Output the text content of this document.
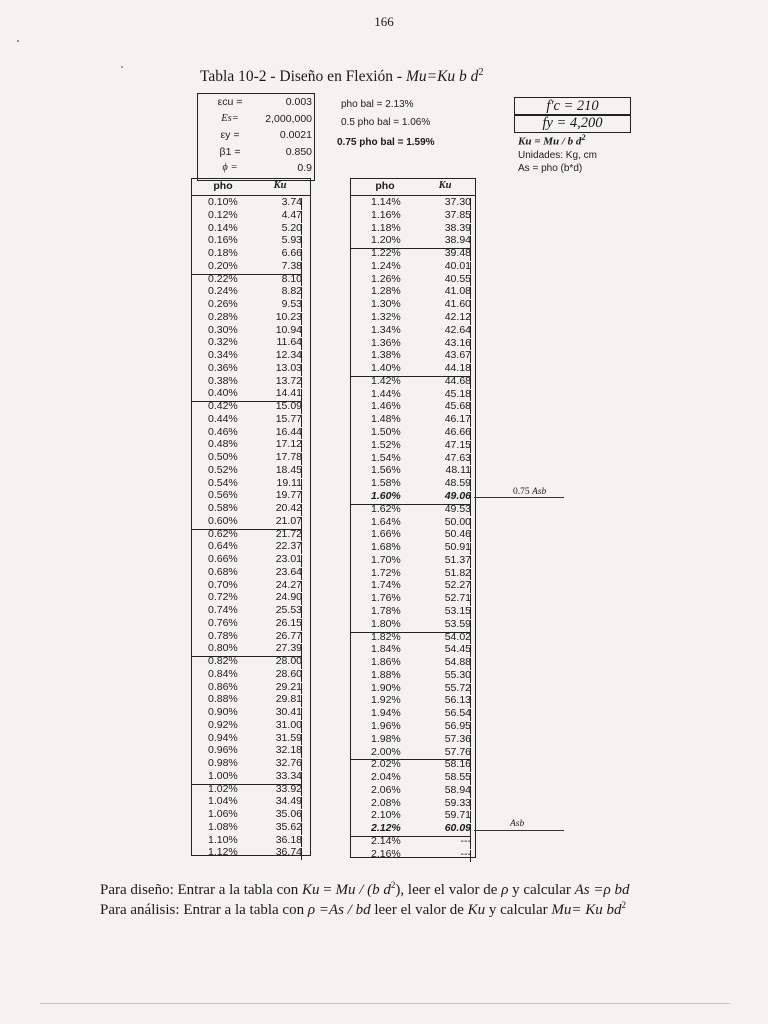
166
Tabla 10-2 - Diseño en Flexión - Mu=Ku b $d^2$
εcu =	0.003
Es=	2,000,000
εy =	0.0021
β1 =	0.850
ϕ =	0.9
pho bal = 2.13%
0.5 pho bal = 1.06%
0.75 pho bal = 1.59%
f'c = 210
fy = 4,200
Ku = Mu / b $d^2$
Unidades: Kg, cm
As = pho (b*d)
pho	Ku
0.10%	3.74
0.12%	4.47
0.14%	5.20
0.16%	5.93
0.18%	6.66
0.20%	7.38
0.22%	8.10
0.24%	8.82
0.26%	9.53
0.28%	10.23
0.30%	10.94
0.32%	11.64
0.34%	12.34
0.36%	13.03
0.38%	13.72
0.40%	14.41
0.42%	15.09
0.44%	15.77
0.46%	16.44
0.48%	17.12
0.50%	17.78
0.52%	18.45
0.54%	19.11
0.56%	19.77
0.58%	20.42
0.60%	21.07
0.62%	21.72
0.64%	22.37
0.66%	23.01
0.68%	23.64
0.70%	24.27
0.72%	24.90
0.74%	25.53
0.76%	26.15
0.78%	26.77
0.80%	27.39
0.82%	28.00
0.84%	28.60
0.86%	29.21
0.88%	29.81
0.90%	30.41
0.92%	31.00
0.94%	31.59
0.96%	32.18
0.98%	32.76
1.00%	33.34
1.02%	33.92
1.04%	34.49
1.06%	35.06
1.08%	35.62
1.10%	36.18
1.12%	36.74
pho	Ku
1.14%	37.30
1.16%	37.85
1.18%	38.39
1.20%	38.94
1.22%	39.48
1.24%	40.01
1.26%	40.55
1.28%	41.08
1.30%	41.60
1.32%	42.12
1.34%	42.64
1.36%	43.16
1.38%	43.67
1.40%	44.18
1.42%	44.68
1.44%	45.18
1.46%	45.68
1.48%	46.17
1.50%	46.66
1.52%	47.15
1.54%	47.63
1.56%	48.11
1.58%	48.59
1.60%	49.06
1.62%	49.53
1.64%	50.00
1.66%	50.46
1.68%	50.91
1.70%	51.37
1.72%	51.82
1.74%	52.27
1.76%	52.71
1.78%	53.15
1.80%	53.59
1.82%	54.02
1.84%	54.45
1.86%	54.88
1.88%	55.30
1.90%	55.72
1.92%	56.13
1.94%	56.54
1.96%	56.95
1.98%	57.36
2.00%	57.76
2.02%	58.16
2.04%	58.55
2.06%	58.94
2.08%	59.33
2.10%	59.71
2.12%	60.09
2.14%	---
2.16%	---
0.75 Asb
Asb
Para diseño: Entrar a la tabla con Ku = Mu / (b $d^2$), leer el valor de ρ y calcular As =ρ bd
Para análisis: Entrar a la tabla con ρ =As / bd leer el valor de Ku y calcular Mu= Ku $bd^2$
